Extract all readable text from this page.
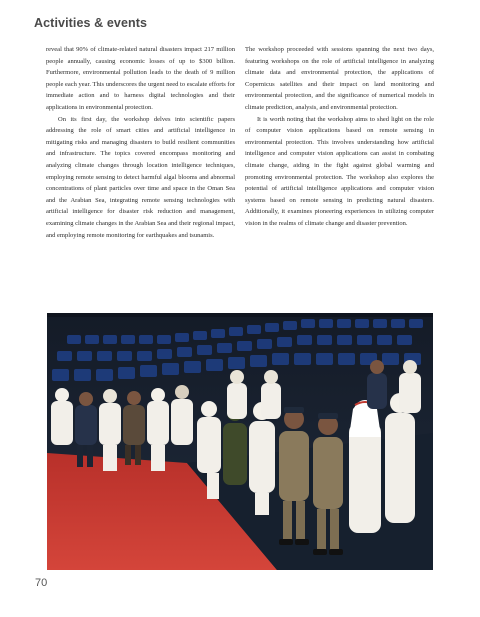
Activities & events

reveal that 90% of climate-related natural disasters impact 217 million people annually, causing economic losses of up to $300 billion. Furthermore, environmental pollution leads to the death of 9 million people each year. This underscores the urgent need to escalate efforts for immediate action and to harness digital technologies and their applications in environmental protection.

On its first day, the workshop delves into scientific papers addressing the role of smart cities and artificial intelligence in mitigating risks and managing disasters to build resilient communities and infrastructure. The topics covered encompass monitoring and analyzing climate changes through location intelligence techniques, employing remote sensing to detect harmful algal blooms and abnormal concentrations of plant particles over time and space in the Oman Sea and the Arabian Sea, integrating remote sensing technologies with artificial intelligence for disaster risk reduction and management, examining climate changes in the Arabian Sea and their regional impact, and employing remote monitoring for earthquakes and tsunamis.

The workshop proceeded with sessions spanning the next two days, featuring workshops on the role of artificial intelligence in analyzing climate data and environmental protection, the applications of Copernicus satellites and their impact on land monitoring and environmental protection, and the significance of numerical models in climate prediction, analysis, and environmental protection.

It is worth noting that the workshop aims to shed light on the role of computer vision applications based on remote sensing in environmental protection. This involves understanding how artificial intelligence and computer vision applications can assist in combating climate change, aiding in the fight against global warming and promoting environmental protection. The workshop also explores the potential of artificial intelligence applications and computer vision systems based on remote sensing in predicting natural disasters. Additionally, it examines pioneering experiences in utilizing computer vision in the realms of climate change and disaster prevention.

70
